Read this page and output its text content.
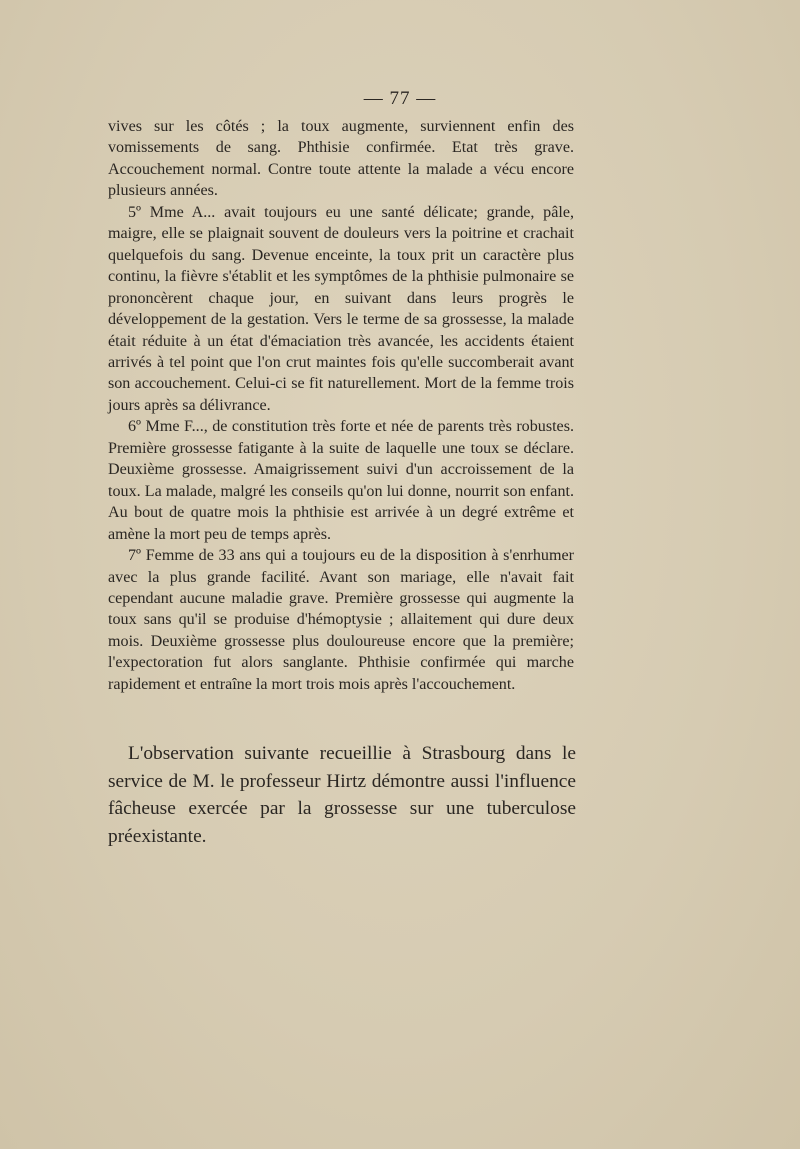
— 77 —

vives sur les côtés ; la toux augmente, surviennent enfin des vomissements de sang. Phthisie confirmée. Etat très grave. Accouchement normal. Contre toute attente la malade a vécu encore plusieurs années.

5º Mme A... avait toujours eu une santé délicate; grande, pâle, maigre, elle se plaignait souvent de douleurs vers la poitrine et crachait quelquefois du sang. Devenue enceinte, la toux prit un caractère plus continu, la fièvre s'établit et les symptômes de la phthisie pulmonaire se prononcèrent chaque jour, en suivant dans leurs progrès le développement de la gestation. Vers le terme de sa grossesse, la malade était réduite à un état d'émaciation très avancée, les accidents étaient arrivés à tel point que l'on crut maintes fois qu'elle succomberait avant son accouchement. Celui-ci se fit naturellement. Mort de la femme trois jours après sa délivrance.

6º Mme F..., de constitution très forte et née de parents très robustes. Première grossesse fatigante à la suite de laquelle une toux se déclare. Deuxième grossesse. Amaigrissement suivi d'un accroissement de la toux. La malade, malgré les conseils qu'on lui donne, nourrit son enfant. Au bout de quatre mois la phthisie est arrivée à un degré extrême et amène la mort peu de temps après.

7º Femme de 33 ans qui a toujours eu de la disposition à s'enrhumer avec la plus grande facilité. Avant son mariage, elle n'avait fait cependant aucune maladie grave. Première grossesse qui augmente la toux sans qu'il se produise d'hémoptysie ; allaitement qui dure deux mois. Deuxième grossesse plus douloureuse encore que la première; l'expectoration fut alors sanglante. Phthisie confirmée qui marche rapidement et entraîne la mort trois mois après l'accouchement.

L'observation suivante recueillie à Strasbourg dans le service de M. le professeur Hirtz démontre aussi l'influence fâcheuse exercée par la grossesse sur une tuberculose préexistante.
